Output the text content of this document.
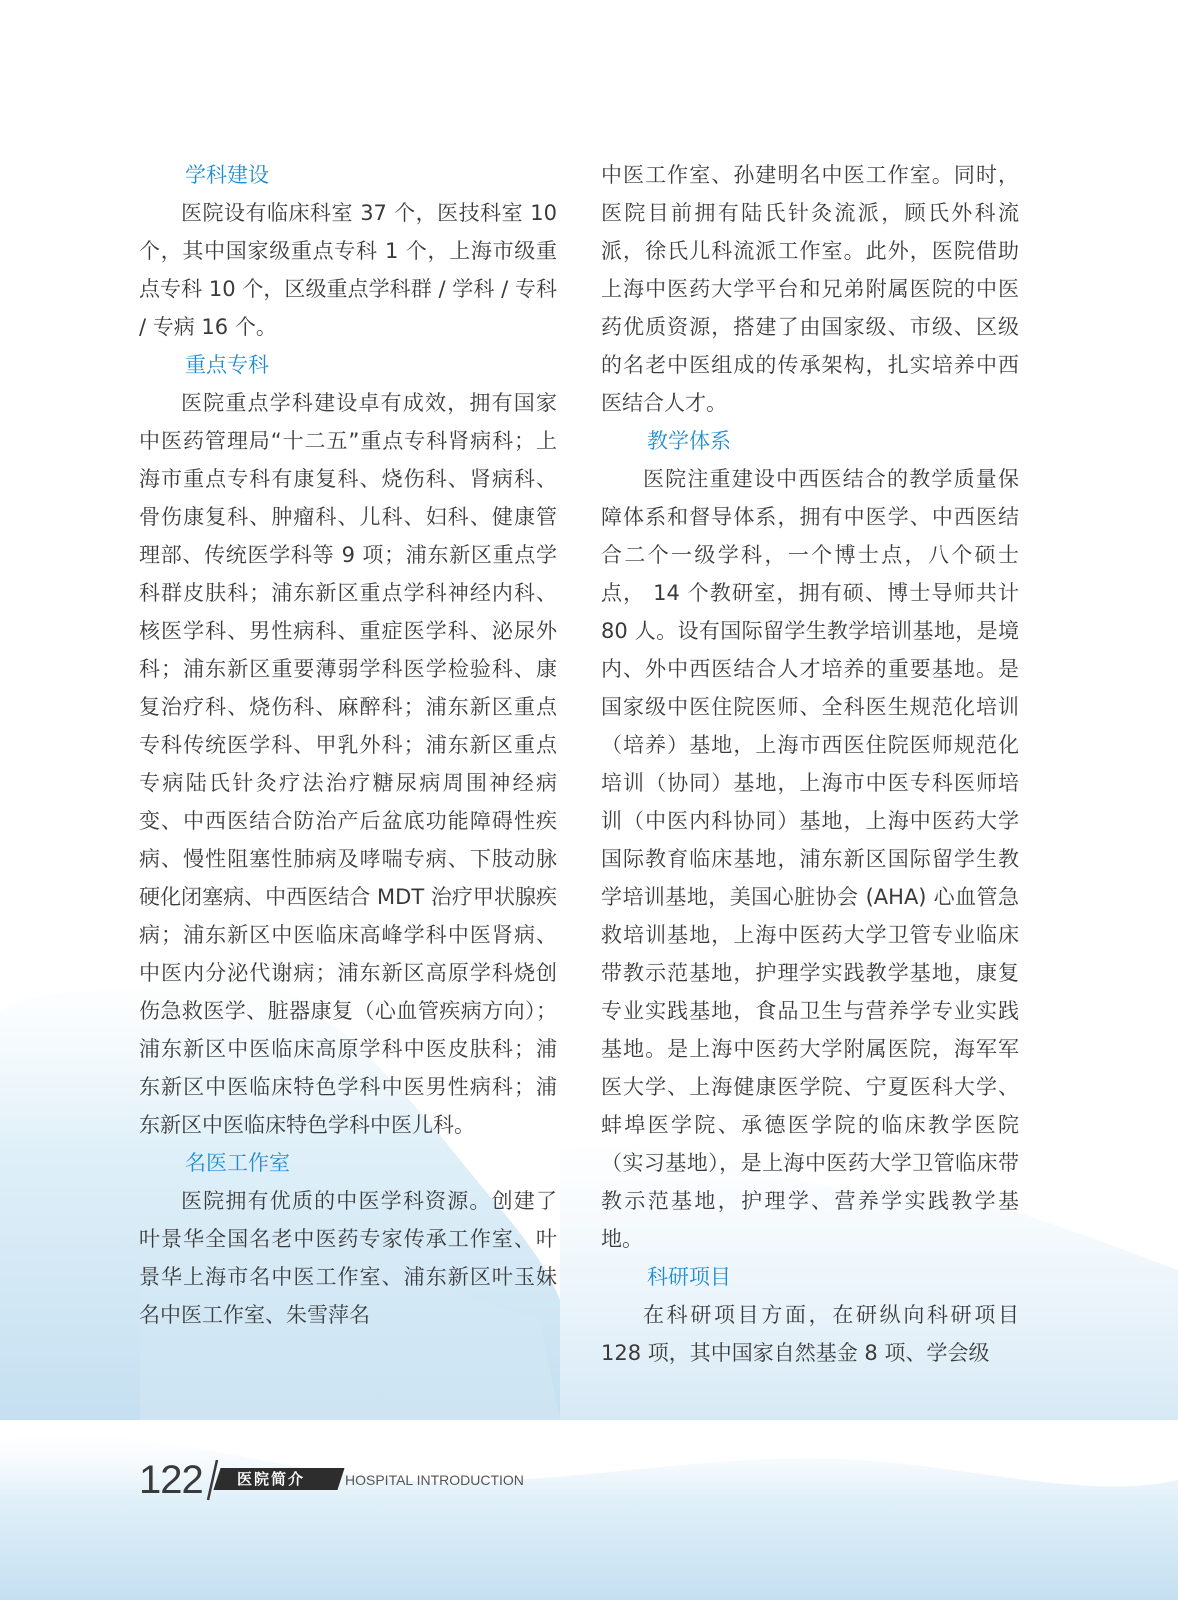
学科建设

医院设有临床科室 37 个，医技科室 10 个，其中国家级重点专科 1 个，上海市级重点专科 10 个，区级重点学科群 / 学科 / 专科 / 专病 16 个。

重点专科

医院重点学科建设卓有成效，拥有国家中医药管理局“十二五”重点专科肾病科；上海市重点专科有康复科、烧伤科、肾病科、骨伤康复科、肿瘤科、儿科、妇科、健康管理部、传统医学科等 9 项；浦东新区重点学科群皮肤科；浦东新区重点学科神经内科、核医学科、男性病科、重症医学科、泌尿外科；浦东新区重要薄弱学科医学检验科、康复治疗科、烧伤科、麻醉科；浦东新区重点专科传统医学科、甲乳外科；浦东新区重点专病陆氏针灸疗法治疗糖尿病周围神经病变、中西医结合防治产后盆底功能障碍性疾病、慢性阻塞性肺病及哮喘专病、下肢动脉硬化闭塞病、中西医结合 MDT 治疗甲状腺疾病；浦东新区中医临床高峰学科中医肾病、中医内分泌代谢病；浦东新区高原学科烧创伤急救医学、脏器康复（心血管疾病方向）；浦东新区中医临床高原学科中医皮肤科；浦东新区中医临床特色学科中医男性病科；浦东新区中医临床特色学科中医儿科。

名医工作室

医院拥有优质的中医学科资源。创建了叶景华全国名老中医药专家传承工作室、叶景华上海市名中医工作室、浦东新区叶玉妹名中医工作室、朱雪萍名

中医工作室、孙建明名中医工作室。同时，医院目前拥有陆氏针灸流派，顾氏外科流派，徐氏儿科流派工作室。此外，医院借助上海中医药大学平台和兄弟附属医院的中医药优质资源，搭建了由国家级、市级、区级的名老中医组成的传承架构，扎实培养中西医结合人才。

教学体系

医院注重建设中西医结合的教学质量保障体系和督导体系，拥有中医学、中西医结合二个一级学科，一个博士点，八个硕士点， 14 个教研室，拥有硕、博士导师共计 80 人。设有国际留学生教学培训基地，是境内、外中西医结合人才培养的重要基地。是国家级中医住院医师、全科医生规范化培训（培养）基地，上海市西医住院医师规范化培训（协同）基地，上海市中医专科医师培训（中医内科协同）基地，上海中医药大学国际教育临床基地，浦东新区国际留学生教学培训基地，美国心脏协会 (AHA) 心血管急救培训基地，上海中医药大学卫管专业临床带教示范基地，护理学实践教学基地，康复专业实践基地，食品卫生与营养学专业实践基地。是上海中医药大学附属医院，海军军医大学、上海健康医学院、宁夏医科大学、蚌埠医学院、承德医学院的临床教学医院（实习基地），是上海中医药大学卫管临床带教示范基地，护理学、营养学实践教学基地。

科研项目

在科研项目方面，在研纵向科研项目 128 项，其中国家自然基金 8 项、学会级

122 医院简介	HOSPITAL INTRODUCTION
